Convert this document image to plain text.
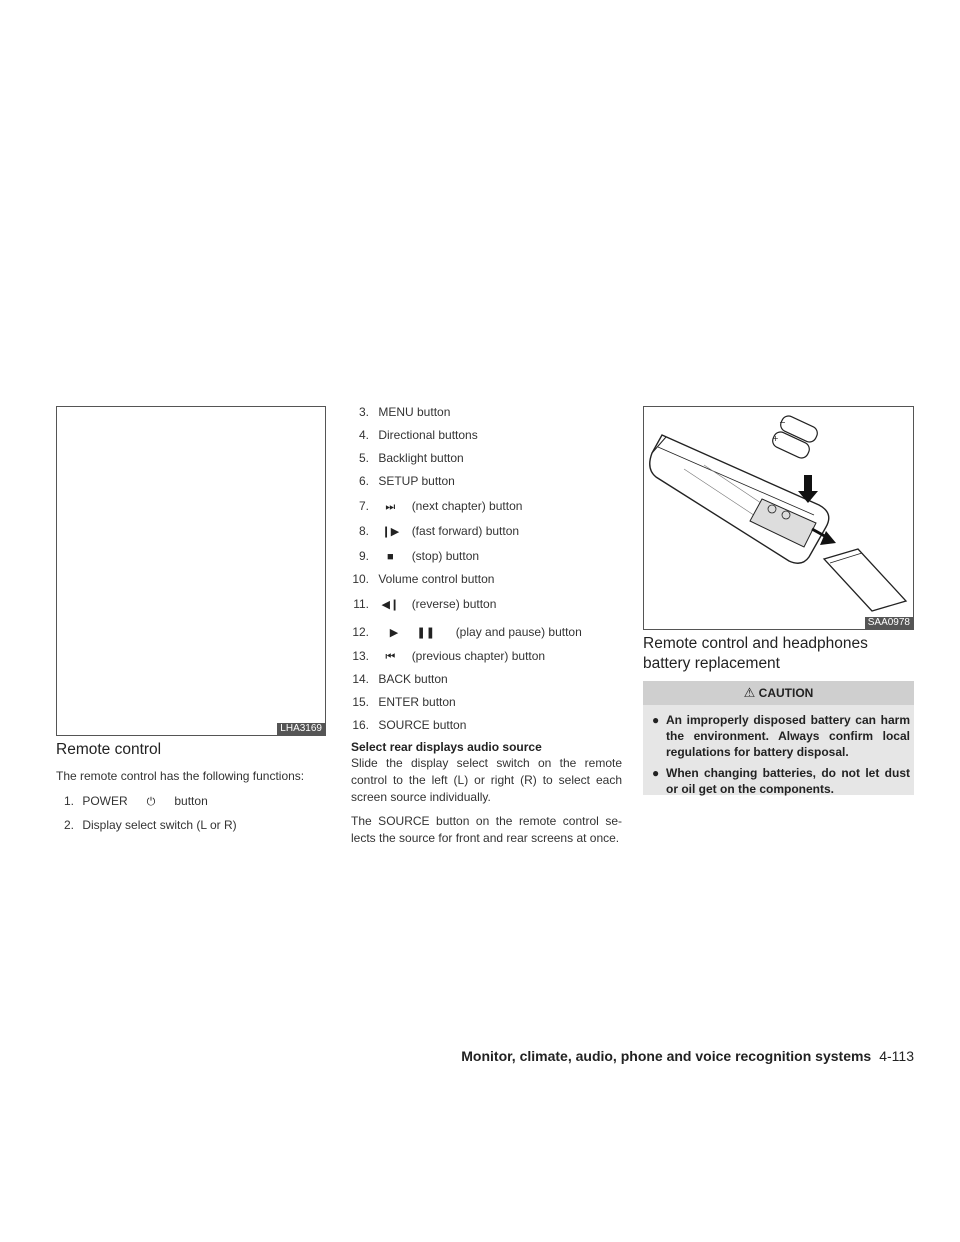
LHA3169
+
−
SAA0978
Remote control
The remote control has the following functions:
1. POWER ⏻ button
2. Display select switch (L or R)
3. MENU button
4. Directional buttons
5. Backlight button
6. SETUP button
7. ⏭ (next chapter) button
8. ❙▶ (fast forward) button
9. ■ (stop) button
10. Volume control button
11. ◀❙ (reverse) button
12. ▶      ❚❚ (play and pause) button
13. ⏮ (previous chapter) button
14. BACK button
15. ENTER button
16. SOURCE button
Select rear displays audio source
Slide the display select switch on the remote control to the left (L) or right (R) to select each screen source individually.
The SOURCE button on the remote control se-lects the source for front and rear screens at once.
Remote control and headphones
battery replacement
⚠ CAUTION
● An improperly disposed battery can harm the environment. Always confirm local regulations for battery disposal.
● When changing batteries, do not let dust or oil get on the components.
Monitor, climate, audio, phone and voice recognition systems 4-113
